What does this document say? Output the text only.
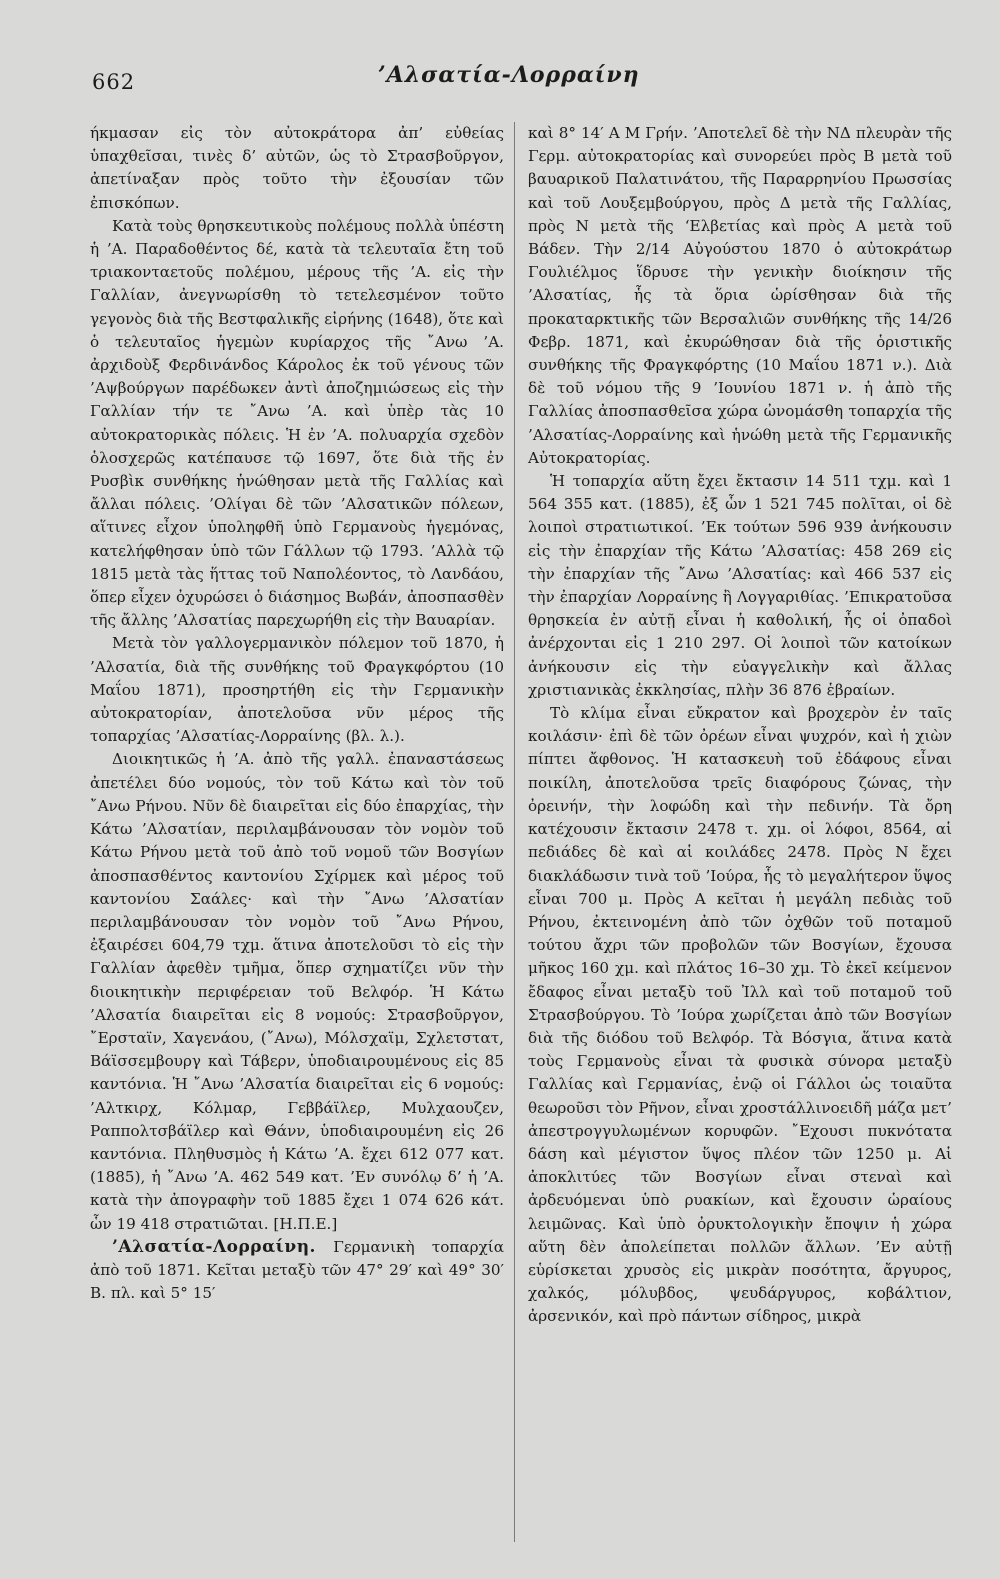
662	’Αλσατία-Λορραίνη

ήκμασαν εἰς τὸν αὐτοκράτορα ἀπ’ εὐθείας ὑπαχθεῖσαι, τινὲς δ’ αὐτῶν, ὡς τὸ Στρασβοῦργον, ἀπετίναξαν πρὸς τοῦτο τὴν ἐξουσίαν τῶν ἐπισκόπων.

Κατὰ τοὺς θρησκευτικοὺς πολέμους πολλὰ ὑπέστη ἡ ’Α. Παραδοθέντος δέ, κατὰ τὰ τελευταῖα ἔτη τοῦ τριακονταετοῦς πολέμου, μέρους τῆς ’Α. εἰς τὴν Γαλλίαν, ἀνεγνωρίσθη τὸ τετελεσμένον τοῦτο γεγονὸς διὰ τῆς Βεστφαλικῆς εἰρήνης (1648), ὅτε καὶ ὁ τελευταῖος ἡγεμὼν κυρίαρχος τῆς ῎Ανω ’Α. ἀρχιδοὺξ Φερδινάνδος Κάρολος ἐκ τοῦ γένους τῶν ’Αψβούργων παρέδωκεν ἀντὶ ἀποζημιώσεως εἰς τὴν Γαλλίαν τήν τε ῎Ανω ’Α. καὶ ὑπὲρ τὰς 10 αὐτοκρατορικὰς πόλεις. Ἡ ἐν ’Α. πολυαρχία σχεδὸν ὁλοσχερῶς κατέπαυσε τῷ 1697, ὅτε διὰ τῆς ἐν Ρυσβὶκ συνθήκης ἡνώθησαν μετὰ τῆς Γαλλίας καὶ ἄλλαι πόλεις. ’Ολίγαι δὲ τῶν ’Αλσατικῶν πόλεων, αἵτινες εἶχον ὑποληφθῆ ὑπὸ Γερμανοὺς ἡγεμόνας, κατελήφθησαν ὑπὸ τῶν Γάλλων τῷ 1793. ’Αλλὰ τῷ 1815 μετὰ τὰς ἥττας τοῦ Ναπολέοντος, τὸ Λανδάου, ὅπερ εἶχεν ὀχυρώσει ὁ διάσημος Βωβάν, ἀποσπασθὲν τῆς ἄλλης ’Αλσατίας παρεχωρήθη εἰς τὴν Βαυαρίαν.

Μετὰ τὸν γαλλογερμανικὸν πόλεμον τοῦ 1870, ἡ ’Αλσατία, διὰ τῆς συνθήκης τοῦ Φραγκφόρτου (10 Μαΐου 1871), προσηρτήθη εἰς τὴν Γερμανικὴν αὐτοκρατορίαν, ἀποτελοῦσα νῦν μέρος τῆς τοπαρχίας ’Αλσατίας-Λορραίνης (βλ. λ.).

Διοικητικῶς ἡ ’Α. ἀπὸ τῆς γαλλ. ἐπαναστάσεως ἀπετέλει δύο νομούς, τὸν τοῦ Κάτω καὶ τὸν τοῦ ῎Ανω Ρήνου. Νῦν δὲ διαιρεῖται εἰς δύο ἐπαρχίας, τὴν Κάτω ’Αλσατίαν, περιλαμβάνουσαν τὸν νομὸν τοῦ Κάτω Ρήνου μετὰ τοῦ ἀπὸ τοῦ νομοῦ τῶν Βοσγίων ἀποσπασθέντος καντονίου Σχίρμεκ καὶ μέρος τοῦ καντονίου Σαάλες· καὶ τὴν ῎Ανω ’Αλσατίαν περιλαμβάνουσαν τὸν νομὸν τοῦ ῎Ανω Ρήνου, ἐξαιρέσει 604,79 τχμ. ἅτινα ἀποτελοῦσι τὸ εἰς τὴν Γαλλίαν ἀφεθὲν τμῆμα, ὅπερ σχηματίζει νῦν τὴν διοικητικὴν περιφέρειαν τοῦ Βελφόρ. Ἡ Κάτω ’Αλσατία διαιρεῖται εἰς 8 νομούς: Στρασβοῦργον, ῎Ερσταϊν, Χαγενάου, (῎Ανω), Μόλσχαϊμ, Σχλετστατ, Βάϊσσεμβουργ καὶ Τάβερν, ὑποδιαιρουμένους εἰς 85 καντόνια. Ἡ ῎Ανω ’Αλσατία διαιρεῖται εἰς 6 νομούς: ’Αλτκιρχ, Κόλμαρ, Γεββάϊλερ, Μυλχαουζεν, Ραππολτσβάϊλερ καὶ Θάνν, ὑποδιαιρουμένη εἰς 26 καντόνια. Πληθυσμὸς ἡ Κάτω ’Α. ἔχει 612 077 κατ. (1885), ἡ ῎Ανω ’Α. 462 549 κατ. ’Εν συνόλῳ δ’ ἡ ’Α. κατὰ τὴν ἀπογραφὴν τοῦ 1885 ἔχει 1 074 626 κάτ. ὧν 19 418 στρατιῶται. [Η.Π.Ε.]

’Αλσατία-Λορραίνη. Γερμανικὴ τοπαρχία ἀπὸ τοῦ 1871. Κεῖται μεταξὺ τῶν 47° 29′ καὶ 49° 30′ Β. πλ. καὶ 5° 15′

καὶ 8° 14′ Α Μ Γρήν. ’Αποτελεῖ δὲ τὴν ΝΔ πλευρὰν τῆς Γερμ. αὐτοκρατορίας καὶ συνορεύει πρὸς Β μετὰ τοῦ βαυαρικοῦ Παλατινάτου, τῆς Παραρρηνίου Πρωσσίας καὶ τοῦ Λουξεμβούργου, πρὸς Δ μετὰ τῆς Γαλλίας, πρὸς Ν μετὰ τῆς ‘Ελβετίας καὶ πρὸς Α μετὰ τοῦ Βάδεν. Τὴν 2/14 Αὐγούστου 1870 ὁ αὐτοκράτωρ Γουλιέλμος ἵδρυσε τὴν γενικὴν διοίκησιν τῆς ’Αλσατίας, ἧς τὰ ὅρια ὡρίσθησαν διὰ τῆς προκαταρκτικῆς τῶν Βερσαλιῶν συνθήκης τῆς 14/26 Φεβρ. 1871, καὶ ἐκυρώθησαν διὰ τῆς ὁριστικῆς συνθήκης τῆς Φραγκφόρτης (10 Μαΐου 1871 ν.). Διὰ δὲ τοῦ νόμου τῆς 9 ’Ιουνίου 1871 ν. ἡ ἀπὸ τῆς Γαλλίας ἀποσπασθεῖσα χώρα ὠνομάσθη τοπαρχία τῆς ’Αλσατίας-Λορραίνης καὶ ἡνώθη μετὰ τῆς Γερμανικῆς Αὐτοκρατορίας.

Ἡ τοπαρχία αὕτη ἔχει ἔκτασιν 14 511 τχμ. καὶ 1 564 355 κατ. (1885), ἐξ ὧν 1 521 745 πολῖται, οἱ δὲ λοιποὶ στρατιωτικοί. ’Εκ τούτων 596 939 ἀνήκουσιν εἰς τὴν ἐπαρχίαν τῆς Κάτω ’Αλσατίας: 458 269 εἰς τὴν ἐπαρχίαν τῆς ῎Ανω ’Αλσατίας: καὶ 466 537 εἰς τὴν ἐπαρχίαν Λορραίνης ἢ Λογγαριθίας. ’Επικρατοῦσα θρησκεία ἐν αὐτῇ εἶναι ἡ καθολική, ἧς οἱ ὀπαδοὶ ἀνέρχονται εἰς 1 210 297. Οἱ λοιποὶ τῶν κατοίκων ἀνήκουσιν εἰς τὴν εὐαγγελικὴν καὶ ἄλλας χριστιανικὰς ἐκκλησίας, πλὴν 36 876 ἑβραίων.

Τὸ κλίμα εἶναι εὔκρατον καὶ βροχερὸν ἐν ταῖς κοιλάσιν· ἐπὶ δὲ τῶν ὀρέων εἶναι ψυχρόν, καὶ ἡ χιὼν πίπτει ἄφθονος. Ἡ κατασκευὴ τοῦ ἐδάφους εἶναι ποικίλη, ἀποτελοῦσα τρεῖς διαφόρους ζώνας, τὴν ὀρεινήν, τὴν λοφώδη καὶ τὴν πεδινήν. Τὰ ὄρη κατέχουσιν ἔκτασιν 2478 τ. χμ. οἱ λόφοι, 8564, αἱ πεδιάδες δὲ καὶ αἱ κοιλάδες 2478. Πρὸς Ν ἔχει διακλάδωσιν τινὰ τοῦ ’Ιούρα, ἧς τὸ μεγαλήτερον ὕψος εἶναι 700 μ. Πρὸς Α κεῖται ἡ μεγάλη πεδιὰς τοῦ Ρήνου, ἐκτεινομένη ἀπὸ τῶν ὀχθῶν τοῦ ποταμοῦ τούτου ἄχρι τῶν προβολῶν τῶν Βοσγίων, ἔχουσα μῆκος 160 χμ. καὶ πλάτος 16–30 χμ. Τὸ ἐκεῖ κείμενον ἔδαφος εἶναι μεταξὺ τοῦ Ἰλλ καὶ τοῦ ποταμοῦ τοῦ Στρασβούργου. Τὸ ’Ιούρα χωρίζεται ἀπὸ τῶν Βοσγίων διὰ τῆς διόδου τοῦ Βελφόρ. Τὰ Βόσγια, ἅτινα κατὰ τοὺς Γερμανοὺς εἶναι τὰ φυσικὰ σύνορα μεταξὺ Γαλλίας καὶ Γερμανίας, ἐνῷ οἱ Γάλλοι ὡς τοιαῦτα θεωροῦσι τὸν Ρῆνον, εἶναι χροστάλλινοειδῆ μάζα μετ’ ἀπεστρογγυλωμένων κορυφῶν. ῎Εχουσι πυκνότατα δάση καὶ μέγιστον ὕψος πλέον τῶν 1250 μ. Αἱ ἀποκλιτύες τῶν Βοσγίων εἶναι στεναὶ καὶ ἀρδευόμεναι ὑπὸ ρυακίων, καὶ ἔχουσιν ὡραίους λειμῶνας. Καὶ ὑπὸ ὀρυκτολογικὴν ἔποψιν ἡ χώρα αὕτη δὲν ἀπολείπεται πολλῶν ἄλλων. ’Εν αὐτῇ εὑρίσκεται χρυσὸς εἰς μικρὰν ποσότητα, ἄργυρος, χαλκός, μόλυβδος, ψευδάργυρος, κοβάλτιον, ἀρσενικόν, καὶ πρὸ πάντων σίδηρος, μικρὰ
